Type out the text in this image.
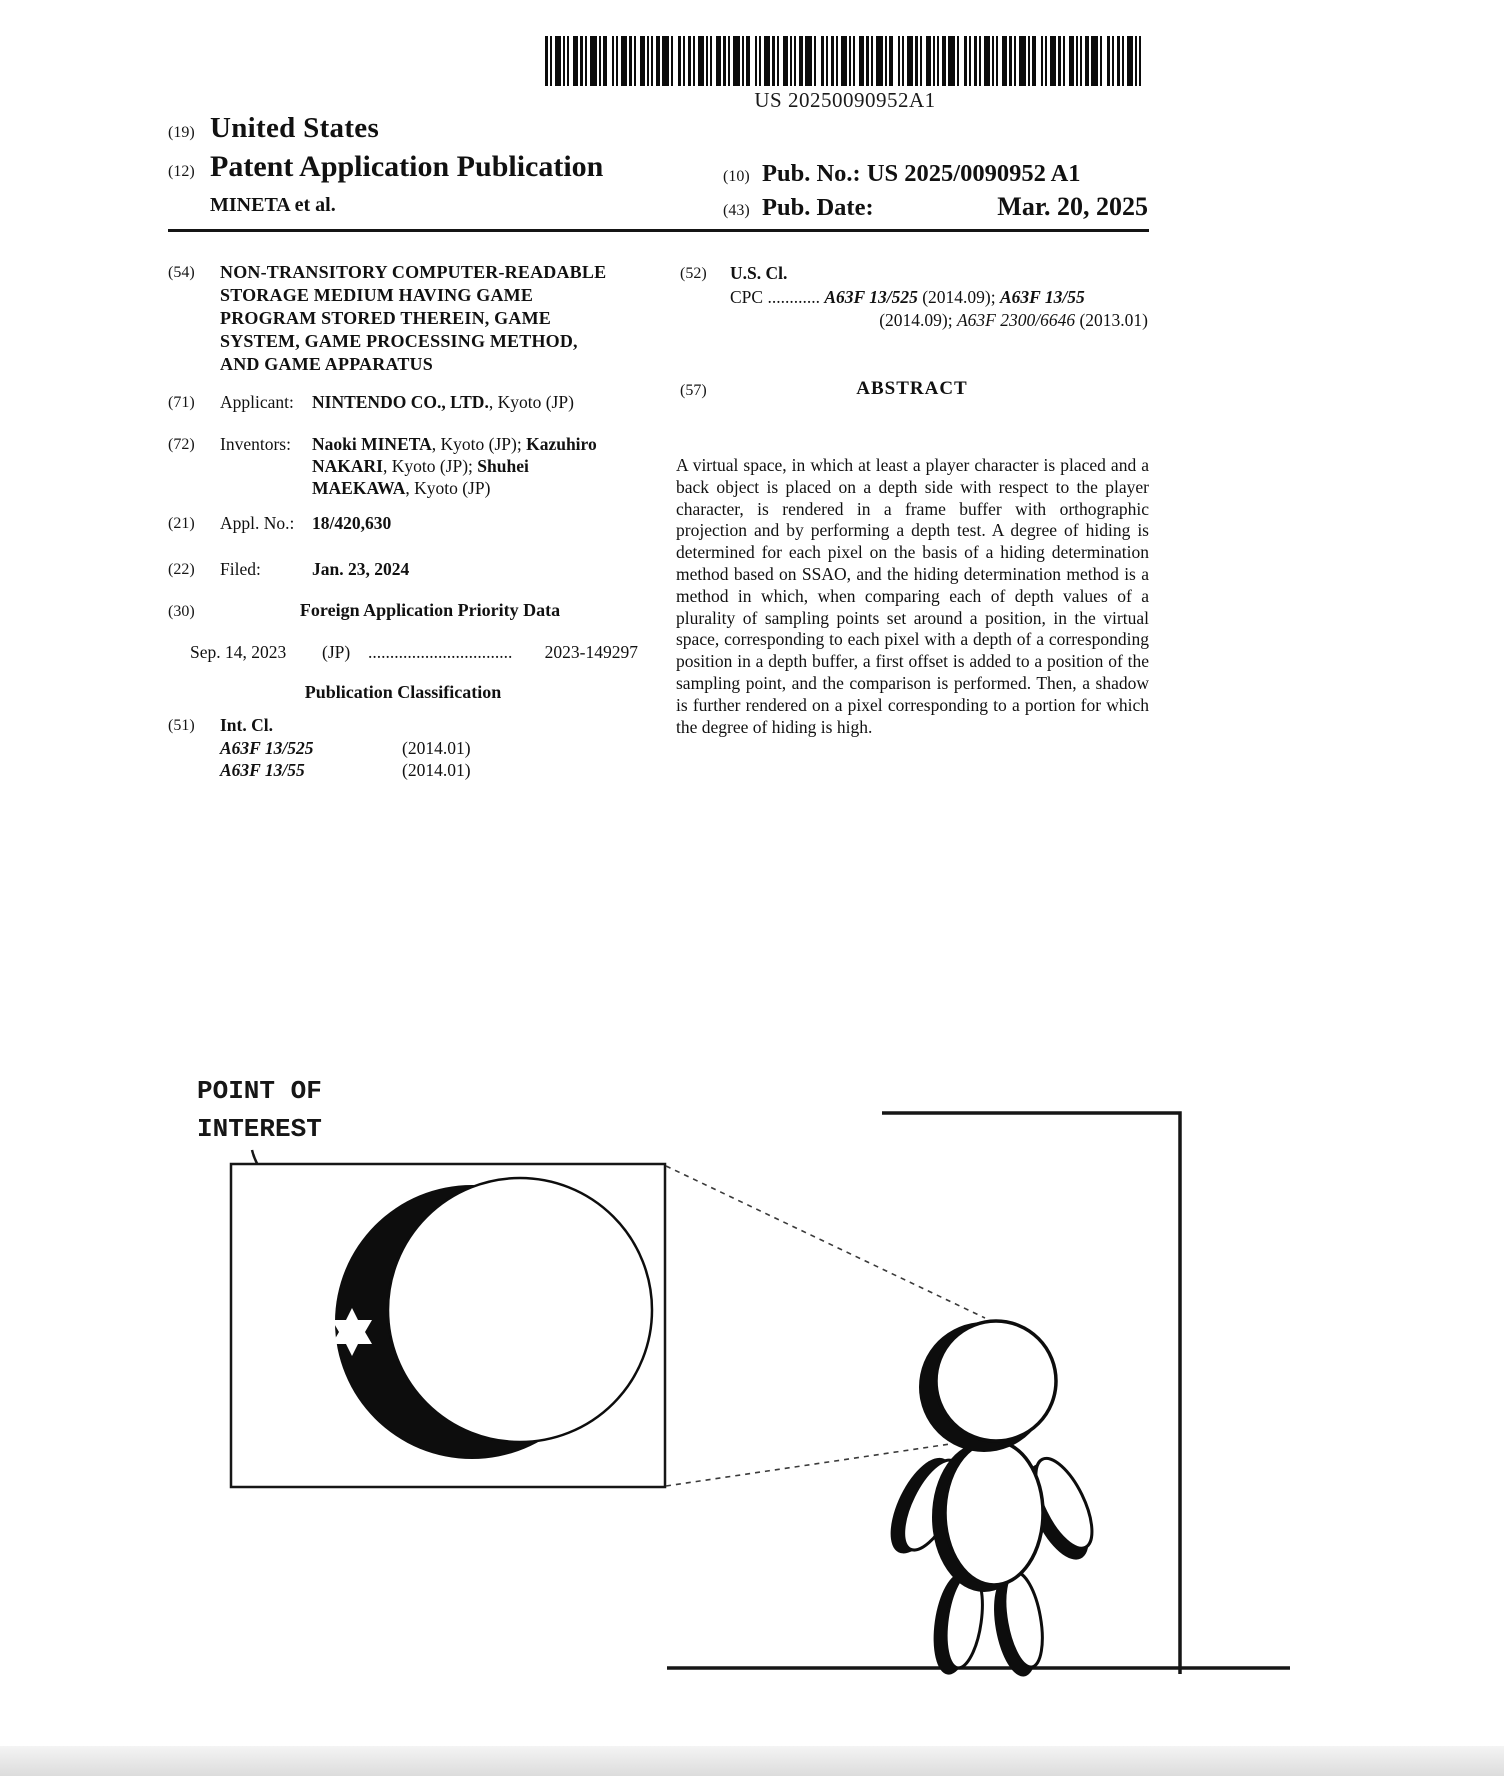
US 20250090952A1
(19) United States
(12) Patent Application Publication
MINETA et al.
(10) Pub. No.: US 2025/0090952 A1
(43) Pub. Date:	Mar. 20, 2025
(54) NON-TRANSITORY COMPUTER-READABLE
STORAGE MEDIUM HAVING GAME
PROGRAM STORED THEREIN, GAME
SYSTEM, GAME PROCESSING METHOD,
AND GAME APPARATUS
(71) Applicant: NINTENDO CO., LTD., Kyoto (JP)
(72) Inventors: Naoki MINETA, Kyoto (JP); Kazuhiro
NAKARI, Kyoto (JP); Shuhei
MAEKAWA, Kyoto (JP)
(21) Appl. No.: 18/420,630
(22) Filed:	Jan. 23, 2024
(30)	Foreign Application Priority Data
Sep. 14, 2023 (JP) .................................	2023-149297
Publication Classification
(51) Int. Cl.
A63F 13/525	(2014.01)
A63F 13/55	(2014.01)
(52) U.S. Cl.
CPC ............ A63F 13/525 (2014.09); A63F 13/55
(2014.09); A63F 2300/6646 (2013.01)
(57)	ABSTRACT
A virtual space, in which at least a player character is placed and a back object is placed on a depth side with respect to the player character, is rendered in a frame buffer with orthographic projection and by performing a depth test. A degree of hiding is determined for each pixel on the basis of a hiding determination method based on SSAO, and the hiding determination method is a method in which, when comparing each of depth values of a plurality of sampling points set around a position, in the virtual space, corresponding to each pixel with a depth of a corresponding position in a depth buffer, a first offset is added to a position of the sampling point, and the comparison is performed. Then, a shadow is further rendered on a pixel corresponding to a portion for which the degree of hiding is high.
POINT OF
INTEREST
